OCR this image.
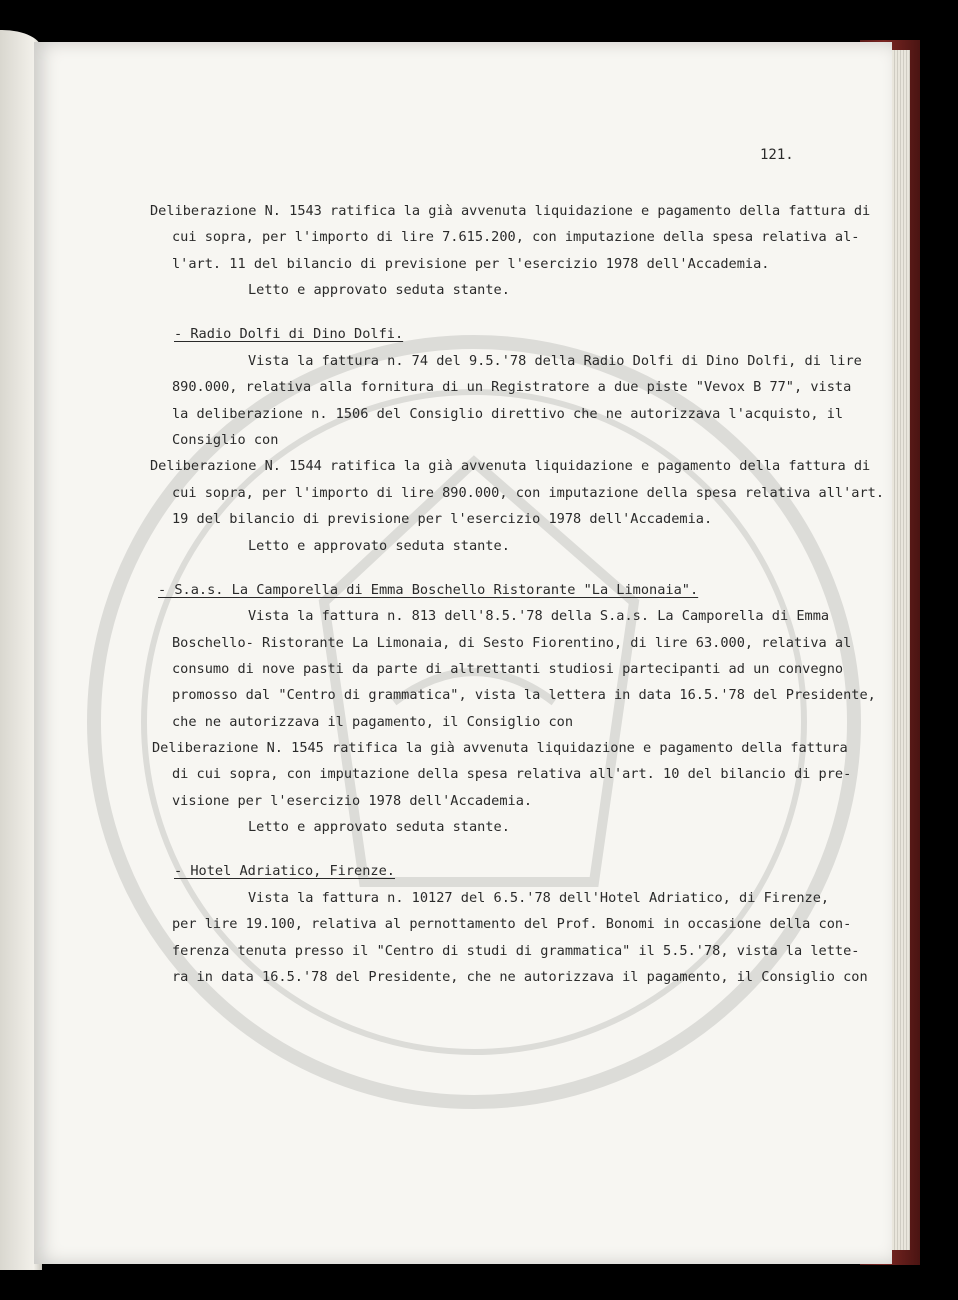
121.
Deliberazione N. 1543 ratifica la già avvenuta liquidazione e pagamento della fattura di
cui sopra, per l'importo di lire 7.615.200, con imputazione della spesa relativa al-
l'art. 11 del bilancio di previsione per l'esercizio 1978 dell'Accademia.
Letto e approvato seduta stante.
- Radio Dolfi di Dino Dolfi.
Vista la fattura n. 74 del 9.5.'78 della Radio Dolfi di Dino Dolfi, di lire
890.000, relativa alla fornitura di un Registratore a due piste "Vevox B 77", vista
la deliberazione n. 1506 del Consiglio direttivo che ne autorizzava l'acquisto, il
Consiglio con
Deliberazione N. 1544 ratifica la già avvenuta liquidazione e pagamento della fattura di
cui sopra, per l'importo di lire 890.000, con imputazione della spesa relativa all'art.
19 del bilancio di previsione per l'esercizio 1978 dell'Accademia.
Letto e approvato seduta stante.
- S.a.s. La Camporella di Emma Boschello Ristorante "La Limonaia".
Vista la fattura n. 813 dell'8.5.'78 della S.a.s. La Camporella di Emma
Boschello- Ristorante La Limonaia, di Sesto Fiorentino, di lire 63.000, relativa al
consumo di nove pasti da parte di altrettanti studiosi partecipanti ad un convegno
promosso dal "Centro di grammatica", vista la lettera in data 16.5.'78 del Presidente,
che ne autorizzava il pagamento, il Consiglio con
Deliberazione N. 1545 ratifica la già avvenuta liquidazione e pagamento della fattura
di cui sopra, con imputazione della spesa relativa all'art. 10 del bilancio di pre-
visione per l'esercizio 1978 dell'Accademia.
Letto e approvato seduta stante.
- Hotel Adriatico, Firenze.
Vista la fattura n. 10127 del 6.5.'78 dell'Hotel Adriatico, di Firenze,
per lire 19.100, relativa al pernottamento del Prof. Bonomi in occasione della con-
ferenza tenuta presso il "Centro di studi di grammatica" il 5.5.'78, vista la lette-
ra in data 16.5.'78 del Presidente, che ne autorizzava il pagamento, il Consiglio con
